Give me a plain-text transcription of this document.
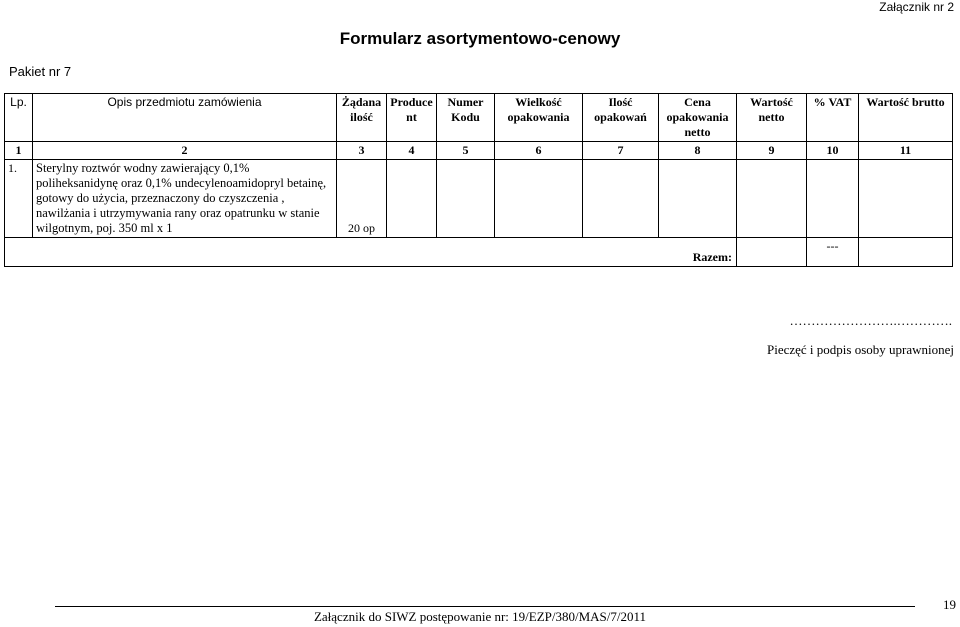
Załącznik nr 2
Formularz asortymentowo-cenowy
Pakiet nr 7
Lp.	Opis przedmiotu zamówienia	Żądana ilość	Producent	Numer Kodu	Wielkość opakowania	Ilość opakowań	Cena opakowania netto	Wartość netto	% VAT	Wartość brutto
1	2	3	4	5	6	7	8	9	10	11
1.	Sterylny roztwór wodny zawierający 0,1% poliheksanidynę oraz 0,1% undecylenoamidopryl betainę, gotowy do użycia, przeznaczony do czyszczenia , nawilżania i utrzymywania rany oraz opatrunku w stanie wilgotnym, poj. 350 ml x 1	20 op								
Razem:									---	
…………………….………….
Pieczęć i podpis osoby uprawnionej
Załącznik do SIWZ postępowanie nr: 19/EZP/380/MAS/7/2011
19
